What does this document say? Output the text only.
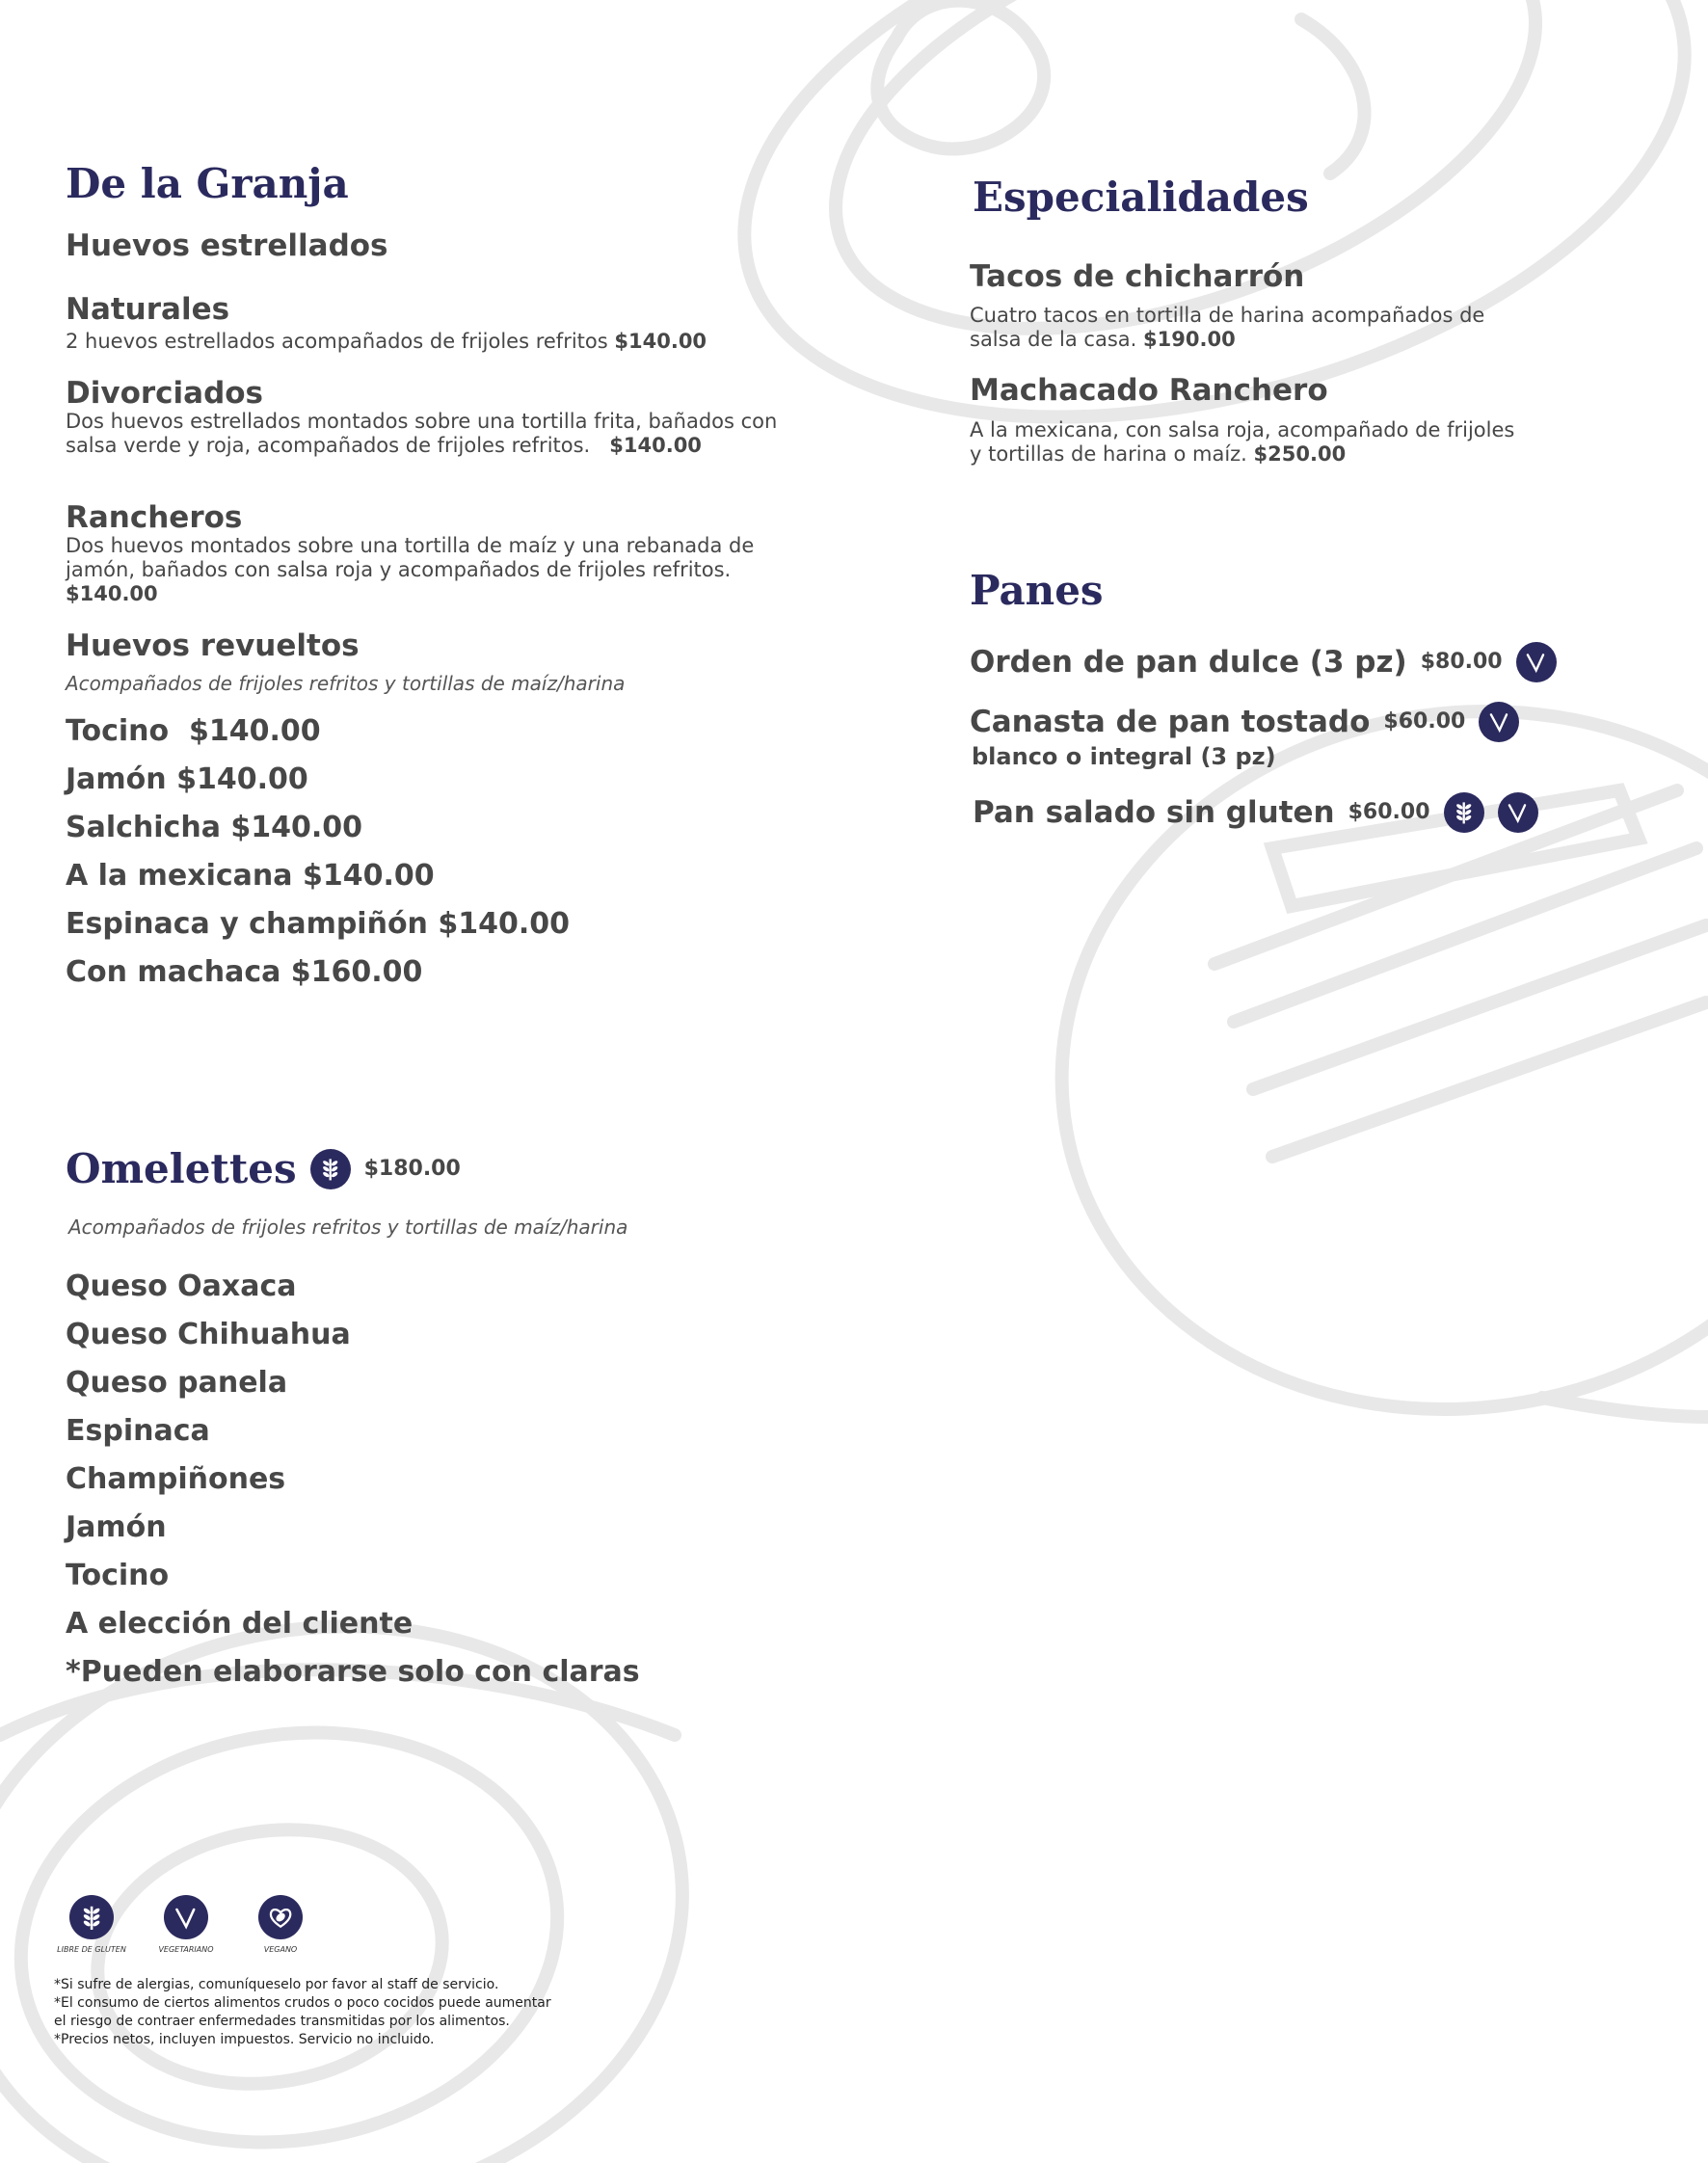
De la Granja
Huevos estrellados
Naturales
2 huevos estrellados acompañados de frijoles refritos $140.00
Divorciados
Dos huevos estrellados montados sobre una tortilla frita, bañados con salsa verde y roja, acompañados de frijoles refritos. $140.00
Rancheros
Dos huevos montados sobre una tortilla de maíz y una rebanada de jamón, bañados con salsa roja y acompañados de frijoles refritos. $140.00
Huevos revueltos
Acompañados de frijoles refritos y tortillas de maíz/harina
Tocino  $140.00
Jamón $140.00
Salchicha $140.00
A la mexicana $140.00
Espinaca y champiñón $140.00
Con machaca $160.00
Omelettes	$180.00
Acompañados de frijoles refritos y tortillas de maíz/harina
Queso Oaxaca
Queso Chihuahua
Queso panela
Espinaca
Champiñones
Jamón
Tocino
A elección del cliente
*Pueden elaborarse solo con claras
Especialidades
Tacos de chicharrón
Cuatro tacos en tortilla de harina acompañados de salsa de la casa. $190.00
Machacado Ranchero
A la mexicana, con salsa roja, acompañado de frijoles y tortillas de harina o maíz. $250.00
Panes
Orden de pan dulce (3 pz) $80.00
Canasta de pan tostado $60.00
blanco o integral (3 pz)
Pan salado sin gluten $60.00
LIBRE DE GLUTEN	VEGETARIANO	VEGANO
*Si sufre de alergias, comuníqueselo por favor al staff de servicio.
*El consumo de ciertos alimentos crudos o poco cocidos puede aumentar
el riesgo de contraer enfermedades transmitidas por los alimentos.
*Precios netos, incluyen impuestos. Servicio no incluido.
